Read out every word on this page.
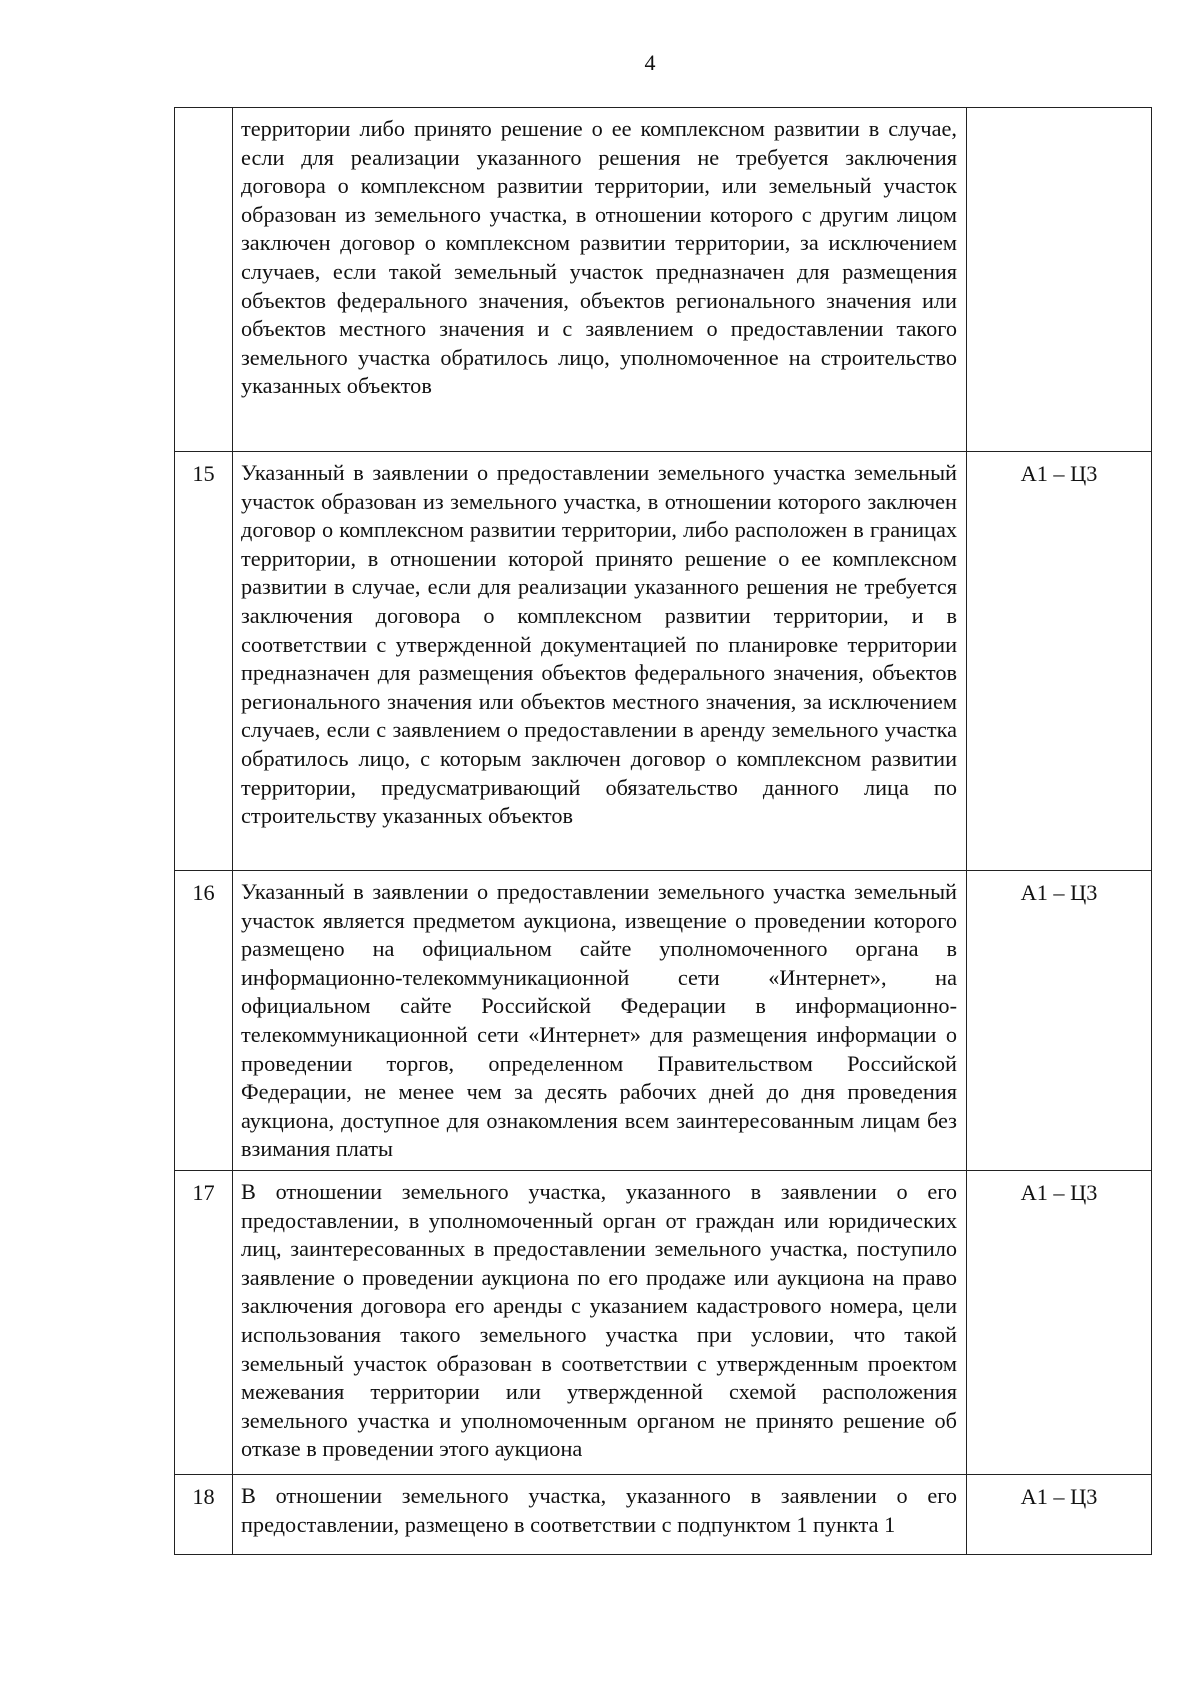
4
	территории либо принято решение о ее комплексном развитии в случае, если для реализации указанного решения не требуется заключения договора о комплексном развитии территории, или земельный участок образован из земельного участка, в отношении которого с другим лицом заключен договор о комплексном развитии территории, за исключением случаев, если такой земельный участок предназначен для размещения объектов федерального значения, объектов регионального значения или объектов местного значения и с заявлением о предоставлении такого земельного участка обратилось лицо, уполномоченное на строительство указанных объектов	
15	Указанный в заявлении о предоставлении земельного участка земельный участок образован из земельного участка, в отношении которого заключен договор о комплексном развитии территории, либо расположен в границах территории, в отношении которой принято решение о ее комплексном развитии в случае, если для реализации указанного решения не требуется заключения договора о комплексном развитии территории, и в соответствии с утвержденной документацией по планировке территории предназначен для размещения объектов федерального значения, объектов регионального значения или объектов местного значения, за исключением случаев, если с заявлением о предоставлении в аренду земельного участка обратилось лицо, с которым заключен договор о комплексном развитии территории, предусматривающий обязательство данного лица по строительству указанных объектов	А1 – Ц3
16	Указанный в заявлении о предоставлении земельного участка земельный участок является предметом аукциона, извещение о проведении которого размещено на официальном сайте уполномоченного органа в информационно-телекоммуникационной сети «Интернет», на официальном сайте Российской Федерации в информационно-телекоммуникационной сети «Интернет» для размещения информации о проведении торгов, определенном Правительством Российской Федерации, не менее чем за десять рабочих дней до дня проведения аукциона, доступное для ознакомления всем заинтересованным лицам без взимания платы	А1 – Ц3
17	В отношении земельного участка, указанного в заявлении о его предоставлении, в уполномоченный орган от граждан или юридических лиц, заинтересованных в предоставлении земельного участка, поступило заявление о проведении аукциона по его продаже или аукциона на право заключения договора его аренды с указанием кадастрового номера, цели использования такого земельного участка при условии, что такой земельный участок образован в соответствии с утвержденным проектом межевания территории или утвержденной схемой расположения земельного участка и уполномоченным органом не принято решение об отказе в проведении этого аукциона	А1 – Ц3
18	В отношении земельного участка, указанного в заявлении о его предоставлении, размещено в соответствии с подпунктом 1 пункта 1	А1 – Ц3
